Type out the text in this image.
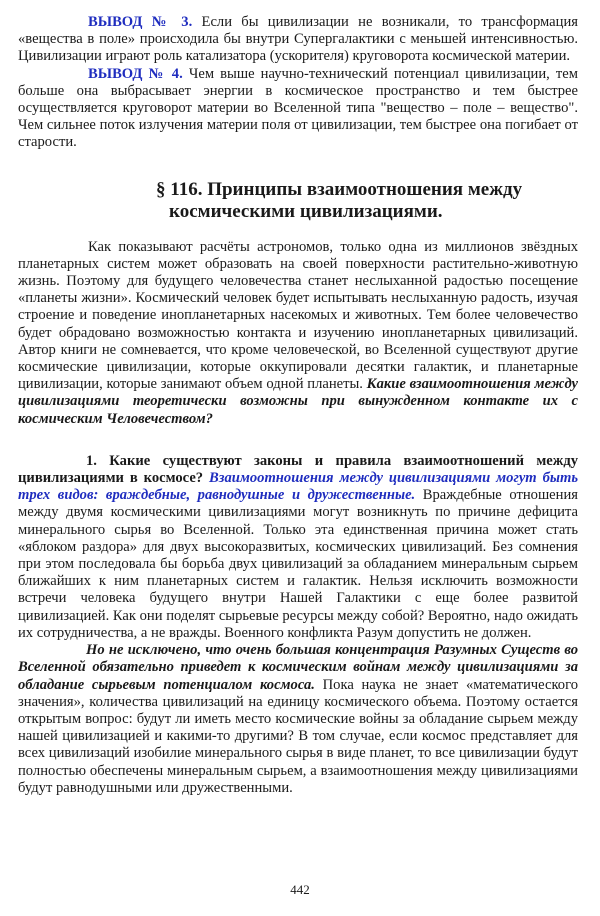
ВЫВОД № 3. Если бы цивилизации не возникали, то трансформация «вещества в поле» происходила бы внутри Супергалактики с меньшей интенсивностью. Цивилизации играют роль катализатора (ускорителя) круговорота космической материи.

ВЫВОД № 4. Чем выше научно-технический потенциал цивилизации, тем больше она выбрасывает энергии в космическое пространство и тем быстрее осуществляется круговорот материи во Вселенной типа "вещество – поле – вещество". Чем сильнее поток излучения материи поля от цивилизации, тем быстрее она погибает от старости.

§ 116. Принципы взаимоотношения между
космическими цивилизациями.

Как показывают расчёты астрономов, только одна из миллионов звёздных планетарных систем может образовать на своей поверхности растительно-животную жизнь. Поэтому для будущего человечества станет неслыханной радостью посещение «планеты жизни». Космический человек будет испытывать неслыханную радость, изучая строение и поведение инопланетарных насекомых и животных. Тем более человечество будет обрадовано возможностью контакта и изучению инопланетарных цивилизаций. Автор книги не сомневается, что кроме человеческой, во Вселенной существуют другие космические цивилизации, которые оккупировали десятки галактик, и планетарные цивилизации, которые занимают объем одной планеты. Какие взаимоотношения между цивилизациями теоретически возможны при вынужденном контакте их с космическим Человечеством?

1. Какие существуют законы и правила взаимоотношений между цивилизациями в космосе? Взаимоотношения между цивилизациями могут быть трех видов: враждебные, равнодушные и дружественные. Враждебные отношения между двумя космическими цивилизациями могут возникнуть по причине дефицита минерального сырья во Вселенной. Только эта единственная причина может стать «яблоком раздора» для двух высокоразвитых, космических цивилизаций. Без сомнения при этом последовала бы борьба двух цивилизаций за обладанием минеральным сырьем ближайших к ним планетарных систем и галактик. Нельзя исключить возможности встречи человека будущего внутри Нашей Галактики с еще более развитой цивилизацией. Как они поделят сырьевые ресурсы между собой? Вероятно, надо ожидать их сотрудничества, а не вражды. Военного конфликта Разум допустить не должен.

Но не исключено, что очень большая концентрация Разумных Существ во Вселенной обязательно приведет к космическим войнам между цивилизациями за обладание сырьевым потенциалом космоса. Пока наука не знает «математического значения», количества цивилизаций на единицу космического объема. Поэтому остается открытым вопрос: будут ли иметь место космические войны за обладание сырьем между нашей цивилизацией и какими-то другими? В том случае, если космос представляет для всех цивилизаций изобилие минерального сырья в виде планет, то все цивилизации будут полностью обеспечены минеральным сырьем, а взаимоотношения между цивилизациями будут равнодушными или дружественными.

442
